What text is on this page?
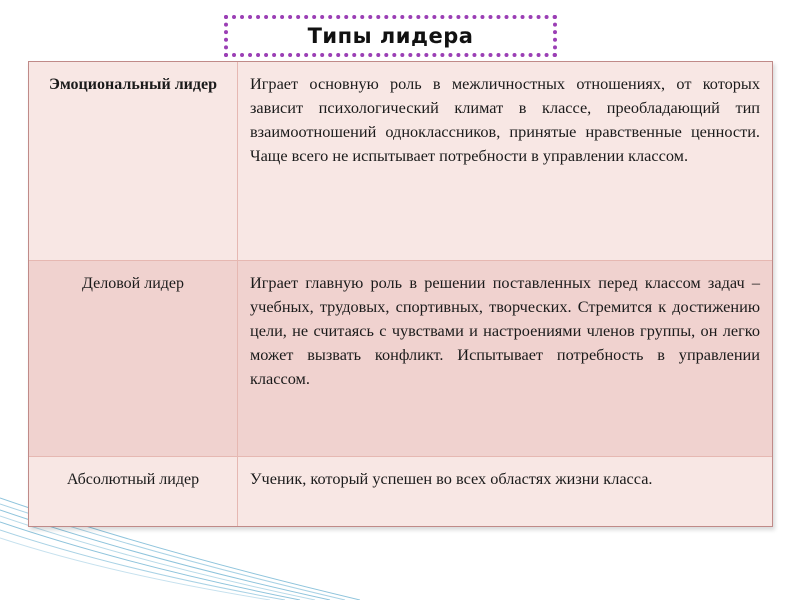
Типы лидера
Эмоциональный лидер	Играет основную роль в межличностных отношениях, от которых зависит психологический климат в классе, преобладающий тип взаимоотношений одноклассников, принятые нравственные ценности. Чаще всего не испытывает потребности в управлении классом.
Деловой лидер	Играет главную роль в решении поставленных перед классом задач – учебных, трудовых, спортивных, творческих. Стремится к достижению цели, не считаясь с чувствами и настроениями членов группы, он легко может вызвать конфликт. Испытывает потребность в управлении классом.
Абсолютный лидер	Ученик, который успешен во всех областях жизни класса.
